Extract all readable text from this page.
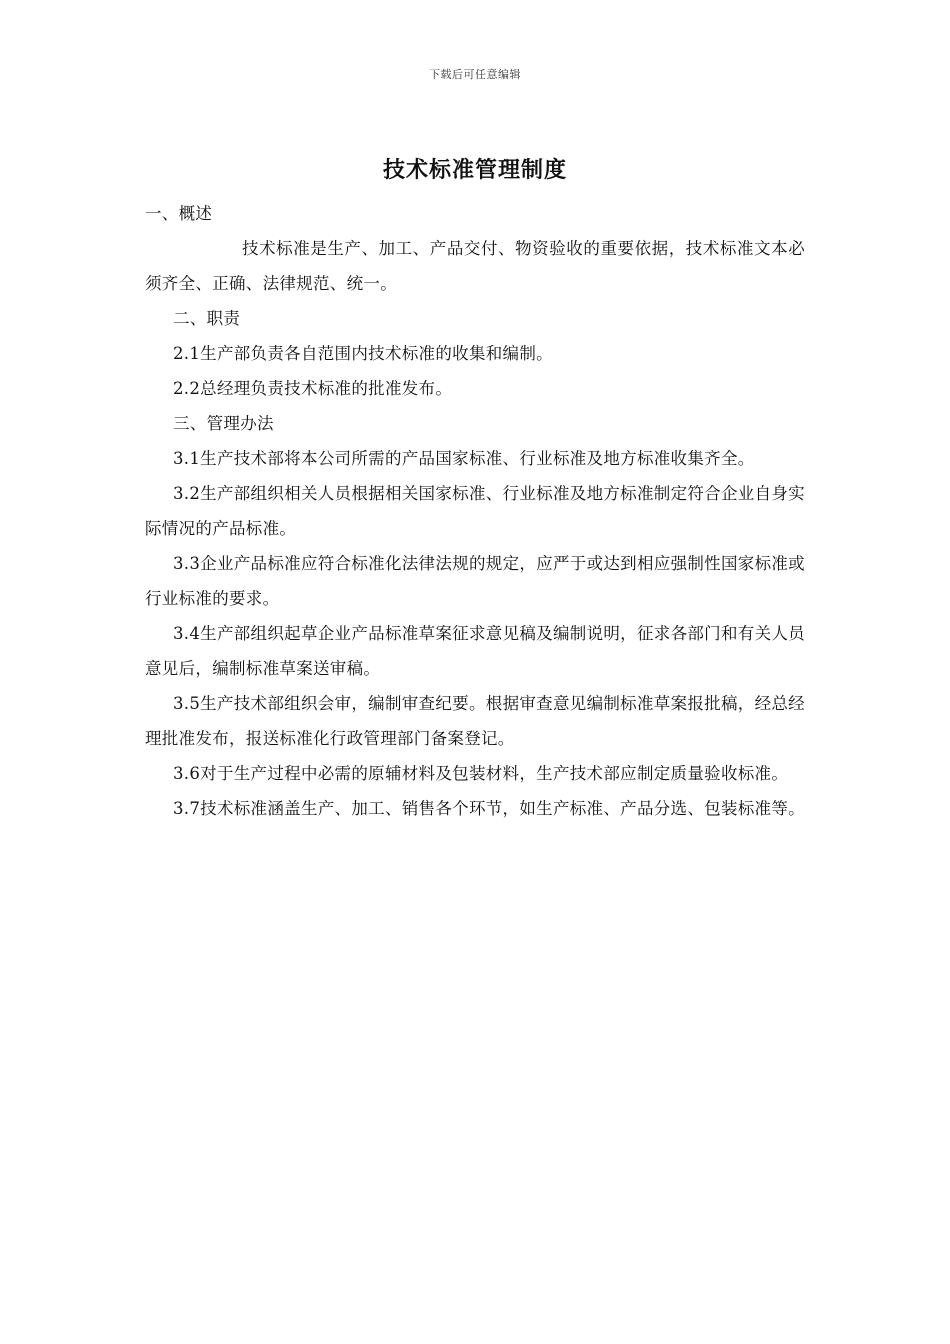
下载后可任意编辑
技术标准管理制度

一、概述

技术标准是生产、加工、产品交付、物资验收的重要依据，技术标准文本必须齐全、正确、法律规范、统一。

二、职责

2.1生产部负责各自范围内技术标准的收集和编制。

2.2总经理负责技术标准的批准发布。

三、管理办法

3.1生产技术部将本公司所需的产品国家标准、行业标准及地方标准收集齐全。

3.2生产部组织相关人员根据相关国家标准、行业标准及地方标准制定符合企业自身实际情况的产品标准。

3.3企业产品标准应符合标准化法律法规的规定，应严于或达到相应强制性国家标准或行业标准的要求。

3.4生产部组织起草企业产品标准草案征求意见稿及编制说明，征求各部门和有关人员意见后，编制标准草案送审稿。

3.5生产技术部组织会审，编制审查纪要。根据审查意见编制标准草案报批稿，经总经理批准发布，报送标准化行政管理部门备案登记。

3.6对于生产过程中必需的原辅材料及包装材料，生产技术部应制定质量验收标准。

3.7技术标准涵盖生产、加工、销售各个环节，如生产标准、产品分选、包装标准等。
